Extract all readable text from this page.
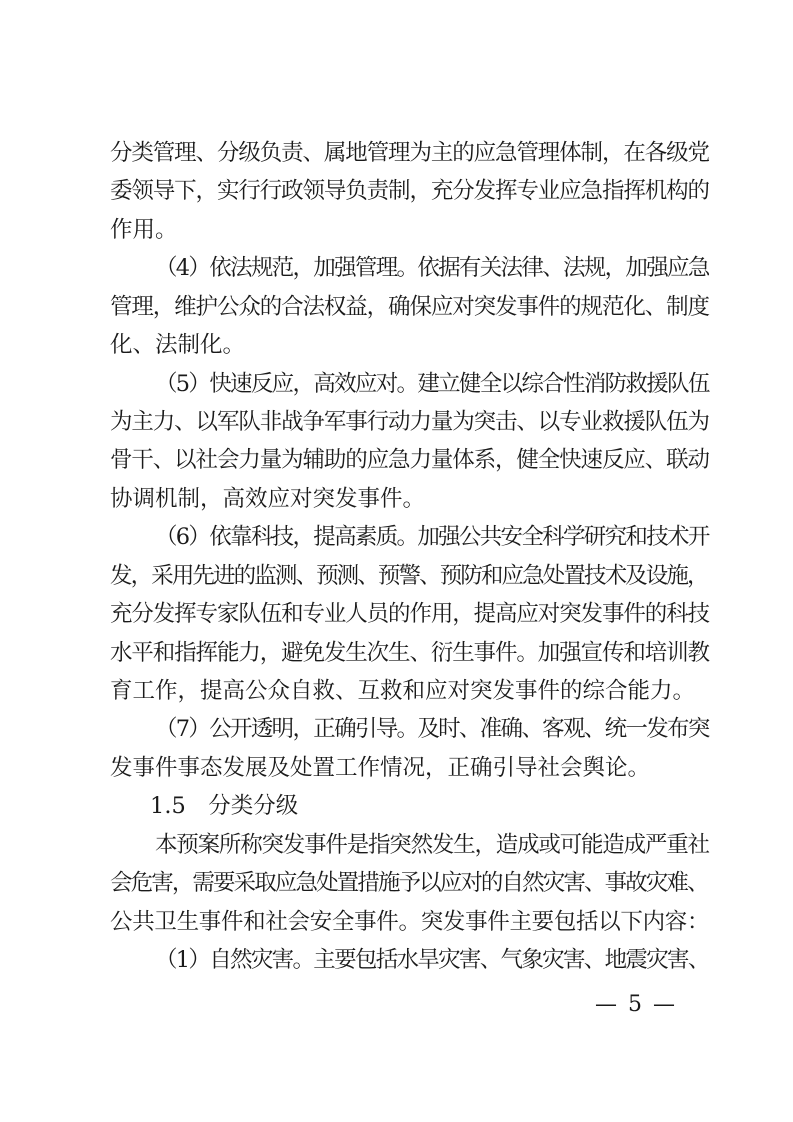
分类管理、分级负责、属地管理为主的应急管理体制，在各级党
委领导下，实行行政领导负责制，充分发挥专业应急指挥机构的
作用。
（4）依法规范，加强管理。依据有关法律、法规，加强应急
管理，维护公众的合法权益，确保应对突发事件的规范化、制度
化、法制化。
（5）快速反应，高效应对。建立健全以综合性消防救援队伍
为主力、以军队非战争军事行动力量为突击、以专业救援队伍为
骨干、以社会力量为辅助的应急力量体系，健全快速反应、联动
协调机制，高效应对突发事件。
（6）依靠科技，提高素质。加强公共安全科学研究和技术开
发，采用先进的监测、预测、预警、预防和应急处置技术及设施，
充分发挥专家队伍和专业人员的作用，提高应对突发事件的科技
水平和指挥能力，避免发生次生、衍生事件。加强宣传和培训教
育工作，提高公众自救、互救和应对突发事件的综合能力。
（7）公开透明，正确引导。及时、准确、客观、统一发布突
发事件事态发展及处置工作情况，正确引导社会舆论。
1.5　分类分级
本预案所称突发事件是指突然发生，造成或可能造成严重社
会危害，需要采取应急处置措施予以应对的自然灾害、事故灾难、
公共卫生事件和社会安全事件。突发事件主要包括以下内容：
（1）自然灾害。主要包括水旱灾害、气象灾害、地震灾害、
— 5 —
